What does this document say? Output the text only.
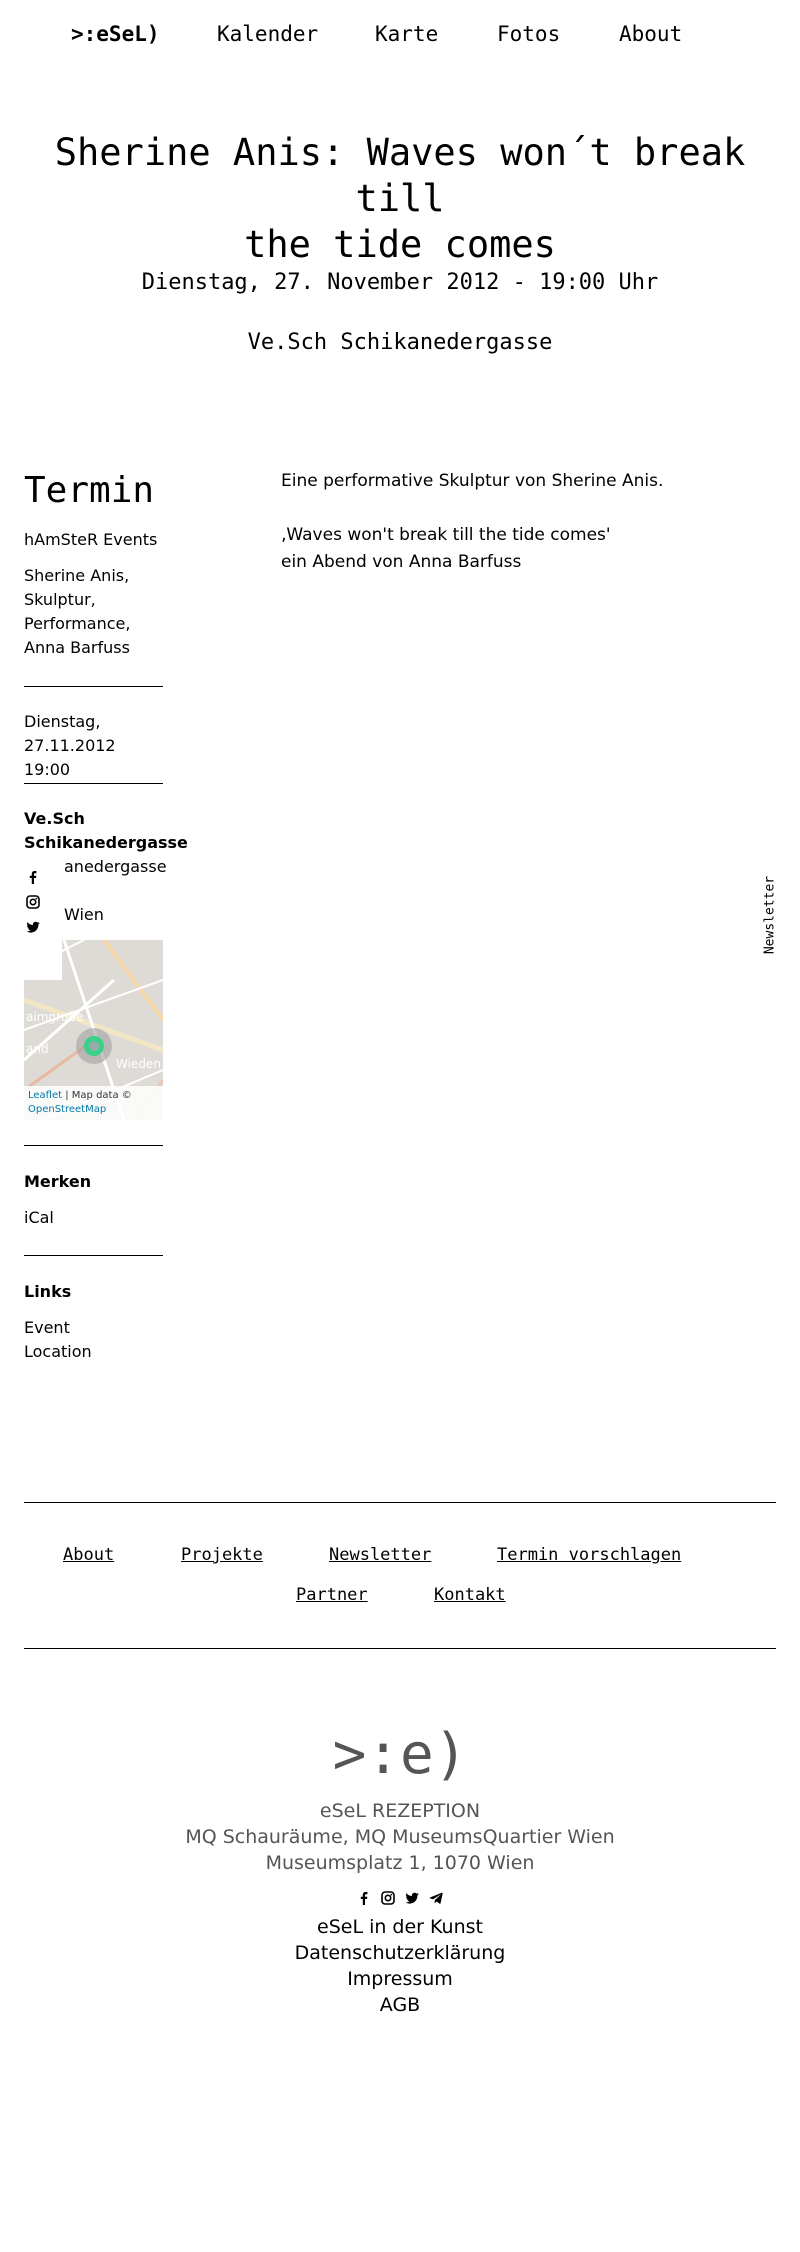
>:eSeL)	Kalender	Karte	Fotos	About
Sherine Anis: Waves won´t break till
the tide comes
Dienstag, 27. November 2012 - 19:00 Uhr
Ve.Sch Schikanedergasse
Termin
hAmSteR Events
Sherine Anis,
Skulptur,
Performance,
Anna Barfuss
Dienstag,
27.11.2012 19:00
Ve.Sch
Schikanedergasse
anedergasse
Wien
aimgrube
and
Wieden
Leaflet | Map data ©
OpenStreetMap
Merken
iCal
Links
Event
Location
Eine performative Skulptur von Sherine Anis.
‚Waves won't break till the tide comes'
ein Abend von Anna Barfuss
Newsletter
About	Projekte	Newsletter	Termin vorschlagen
Partner	Kontakt
>:e)
eSeL REZEPTION
MQ Schauräume, MQ MuseumsQuartier Wien
Museumsplatz 1, 1070 Wien
eSeL in der Kunst
Datenschutzerklärung
Impressum
AGB
